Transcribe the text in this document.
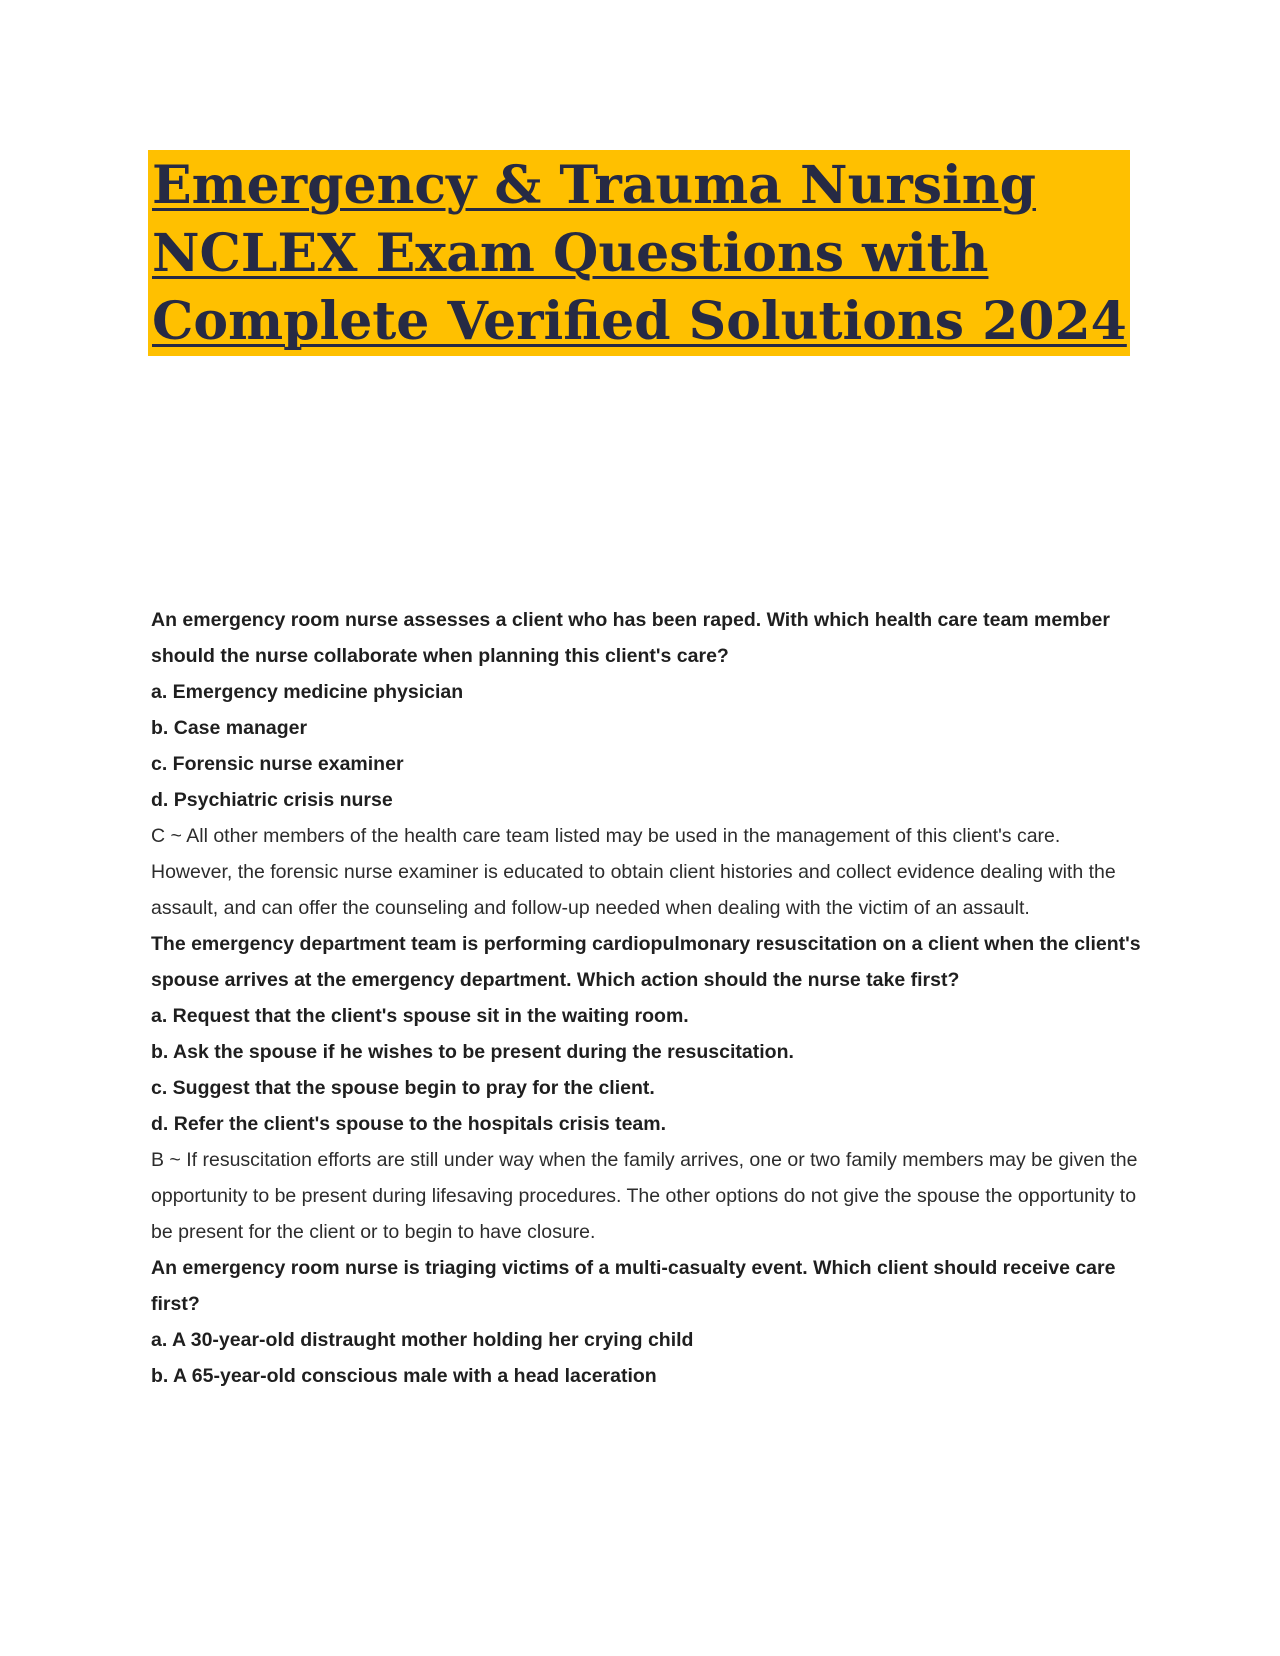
Emergency & Trauma Nursing
NCLEX Exam Questions with
Complete Verified Solutions 2024

An emergency room nurse assesses a client who has been raped. With which health care team member should the nurse collaborate when planning this client's care?

a. Emergency medicine physician

b. Case manager

c. Forensic nurse examiner

d. Psychiatric crisis nurse

C ~ All other members of the health care team listed may be used in the management of this client's care. However, the forensic nurse examiner is educated to obtain client histories and collect evidence dealing with the assault, and can offer the counseling and follow-up needed when dealing with the victim of an assault.

The emergency department team is performing cardiopulmonary resuscitation on a client when the client's spouse arrives at the emergency department. Which action should the nurse take first?

a. Request that the client's spouse sit in the waiting room.

b. Ask the spouse if he wishes to be present during the resuscitation.

c. Suggest that the spouse begin to pray for the client.

d. Refer the client's spouse to the hospitals crisis team.

B ~ If resuscitation efforts are still under way when the family arrives, one or two family members may be given the opportunity to be present during lifesaving procedures. The other options do not give the spouse the opportunity to be present for the client or to begin to have closure.

An emergency room nurse is triaging victims of a multi-casualty event. Which client should receive care first?

a. A 30-year-old distraught mother holding her crying child

b. A 65-year-old conscious male with a head laceration
